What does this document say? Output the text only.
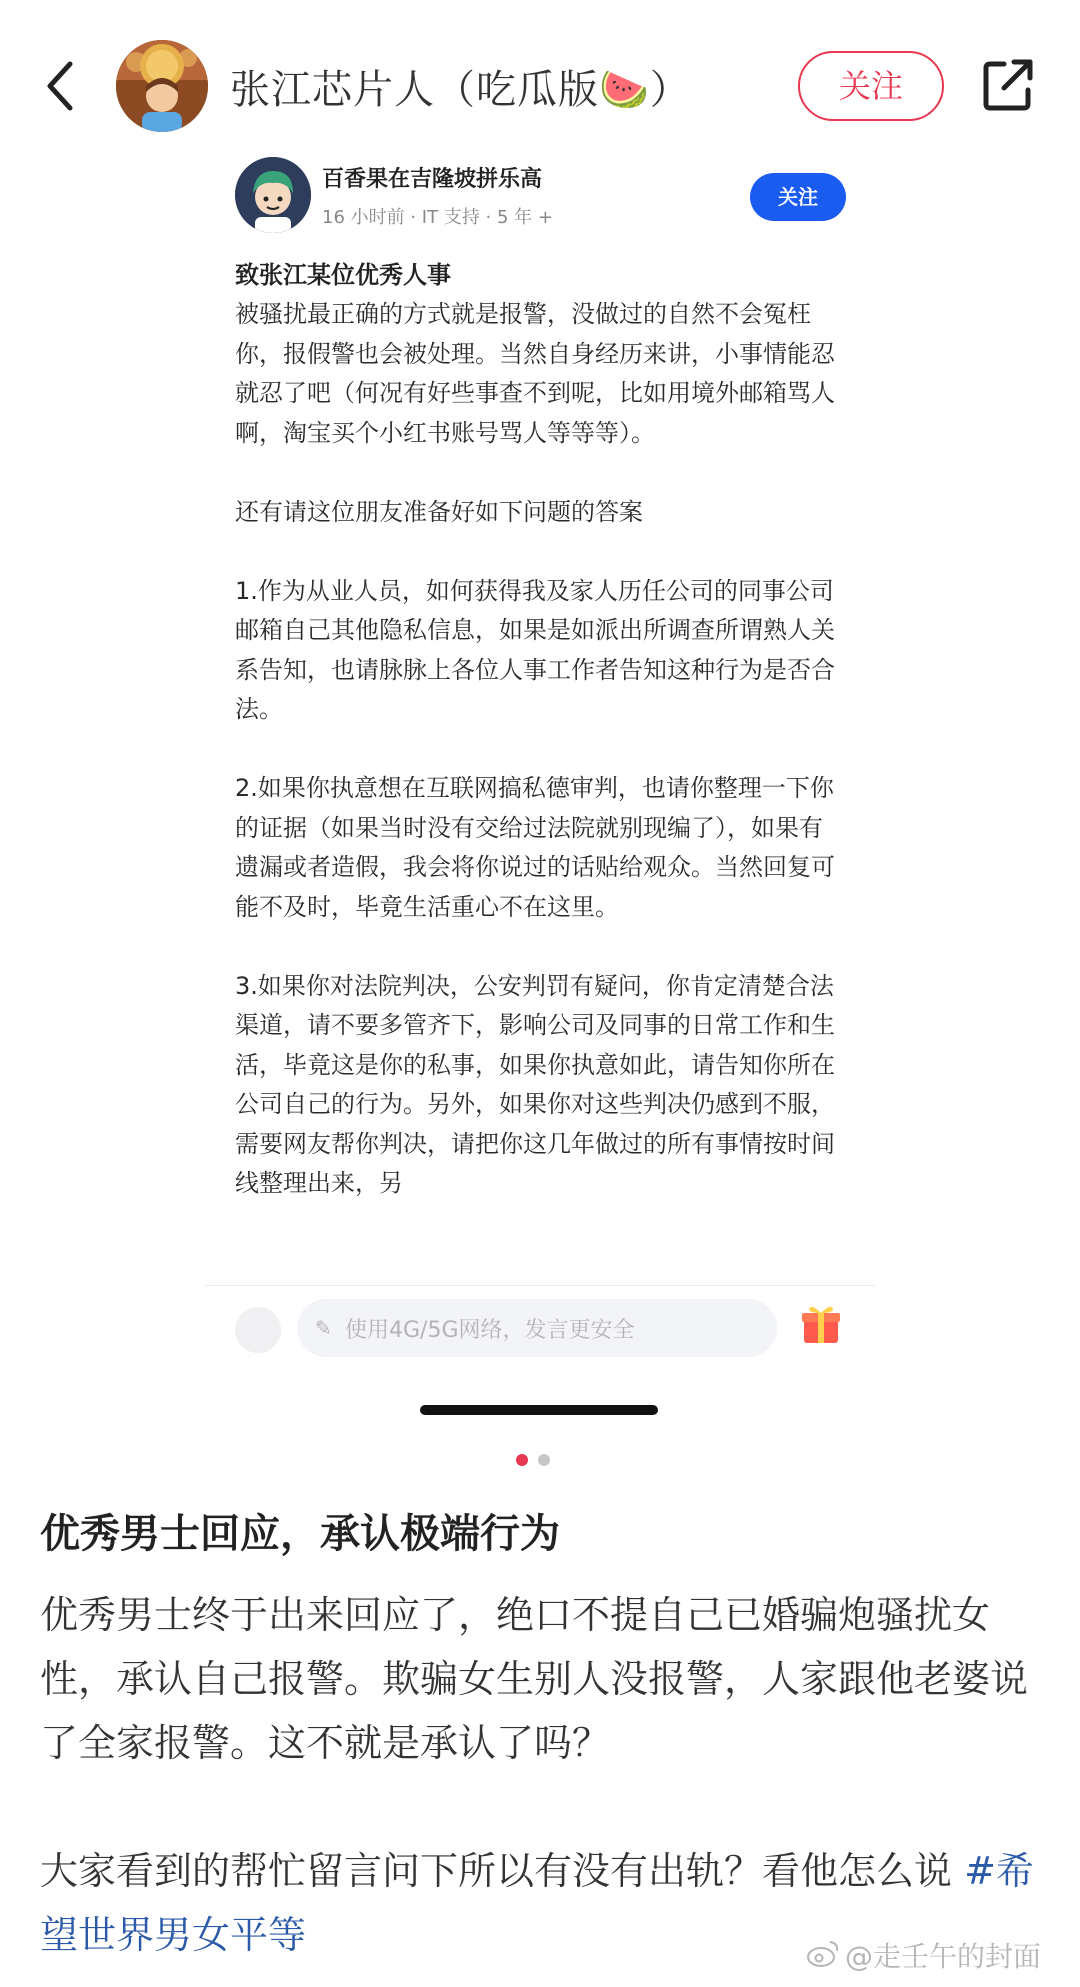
张江芯片人（吃瓜版🍉）	关注
百香果在吉隆坡拼乐高
16 小时前 · IT 支持 · 5 年 +
关注
致张江某位优秀人事

被骚扰最正确的方式就是报警，没做过的自然不会冤枉你，报假警也会被处理。当然自身经历来讲，小事情能忍就忍了吧（何况有好些事查不到呢，比如用境外邮箱骂人啊，淘宝买个小红书账号骂人等等等）。

还有请这位朋友准备好如下问题的答案

1.作为从业人员，如何获得我及家人历任公司的同事公司邮箱自己其他隐私信息，如果是如派出所调查所谓熟人关系告知，也请脉脉上各位人事工作者告知这种行为是否合法。

2.如果你执意想在互联网搞私德审判，也请你整理一下你的证据（如果当时没有交给过法院就别现编了），如果有遗漏或者造假，我会将你说过的话贴给观众。当然回复可能不及时，毕竟生活重心不在这里。

3.如果你对法院判决，公安判罚有疑问，你肯定清楚合法渠道，请不要多管齐下，影响公司及同事的日常工作和生活，毕竟这是你的私事，如果你执意如此，请告知你所在公司自己的行为。另外，如果你对这些判决仍感到不服，需要网友帮你判决，请把你这几年做过的所有事情按时间线整理出来，另

✎ 使用4G/5G网络，发言更安全
优秀男士回应，承认极端行为

优秀男士终于出来回应了，绝口不提自己已婚骗炮骚扰女性，承认自己报警。欺骗女生别人没报警，人家跟他老婆说了全家报警。这不就是承认了吗？

大家看到的帮忙留言问下所以有没有出轨？看他怎么说 #希望世界男女平等	@走壬午的封面
